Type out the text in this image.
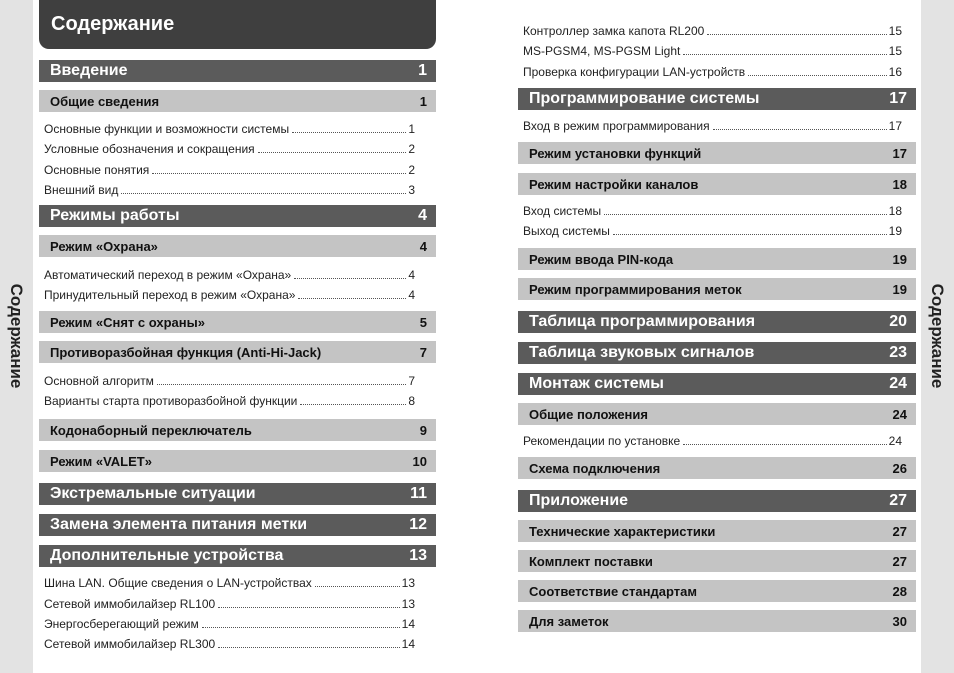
Содержание	Содержание
Содержание
Введение	1
Общие сведения	1
Основные функции и возможности системы	1
Условные обозначения и сокращения	2
Основные понятия	2
Внешний вид	3
Режимы работы	4
Режим «Охрана»	4
Автоматический переход в режим «Охрана»	4
Принудительный переход в режим «Охрана»	4
Режим «Снят с охраны»	5
Противоразбойная функция (Anti-Hi-Jack)	7
Основной алгоритм	7
Варианты старта противоразбойной функции	8
Кодонаборный переключатель	9
Режим «VALET»	10
Экстремальные ситуации	11
Замена элемента питания метки	12
Дополнительные устройства	13
Шина LAN. Общие сведения о LAN-устройствах	13
Сетевой иммобилайзер RL100	13
Энергосберегающий режим	14
Сетевой иммобилайзер RL300	14
Контроллер замка капота RL200	15
MS-PGSM4, MS-PGSM Light	15
Проверка конфигурации LAN-устройств	16
Программирование системы	17
Вход в режим программирования	17
Режим установки функций	17
Режим настройки каналов	18
Вход системы	18
Выход системы	19
Режим ввода PIN-кода	19
Режим программирования меток	19
Таблица программирования	20
Таблица звуковых сигналов	23
Монтаж системы	24
Общие положения	24
Рекомендации по установке	24
Схема подключения	26
Приложение	27
Технические характеристики	27
Комплект поставки	27
Соответствие стандартам	28
Для заметок	30
